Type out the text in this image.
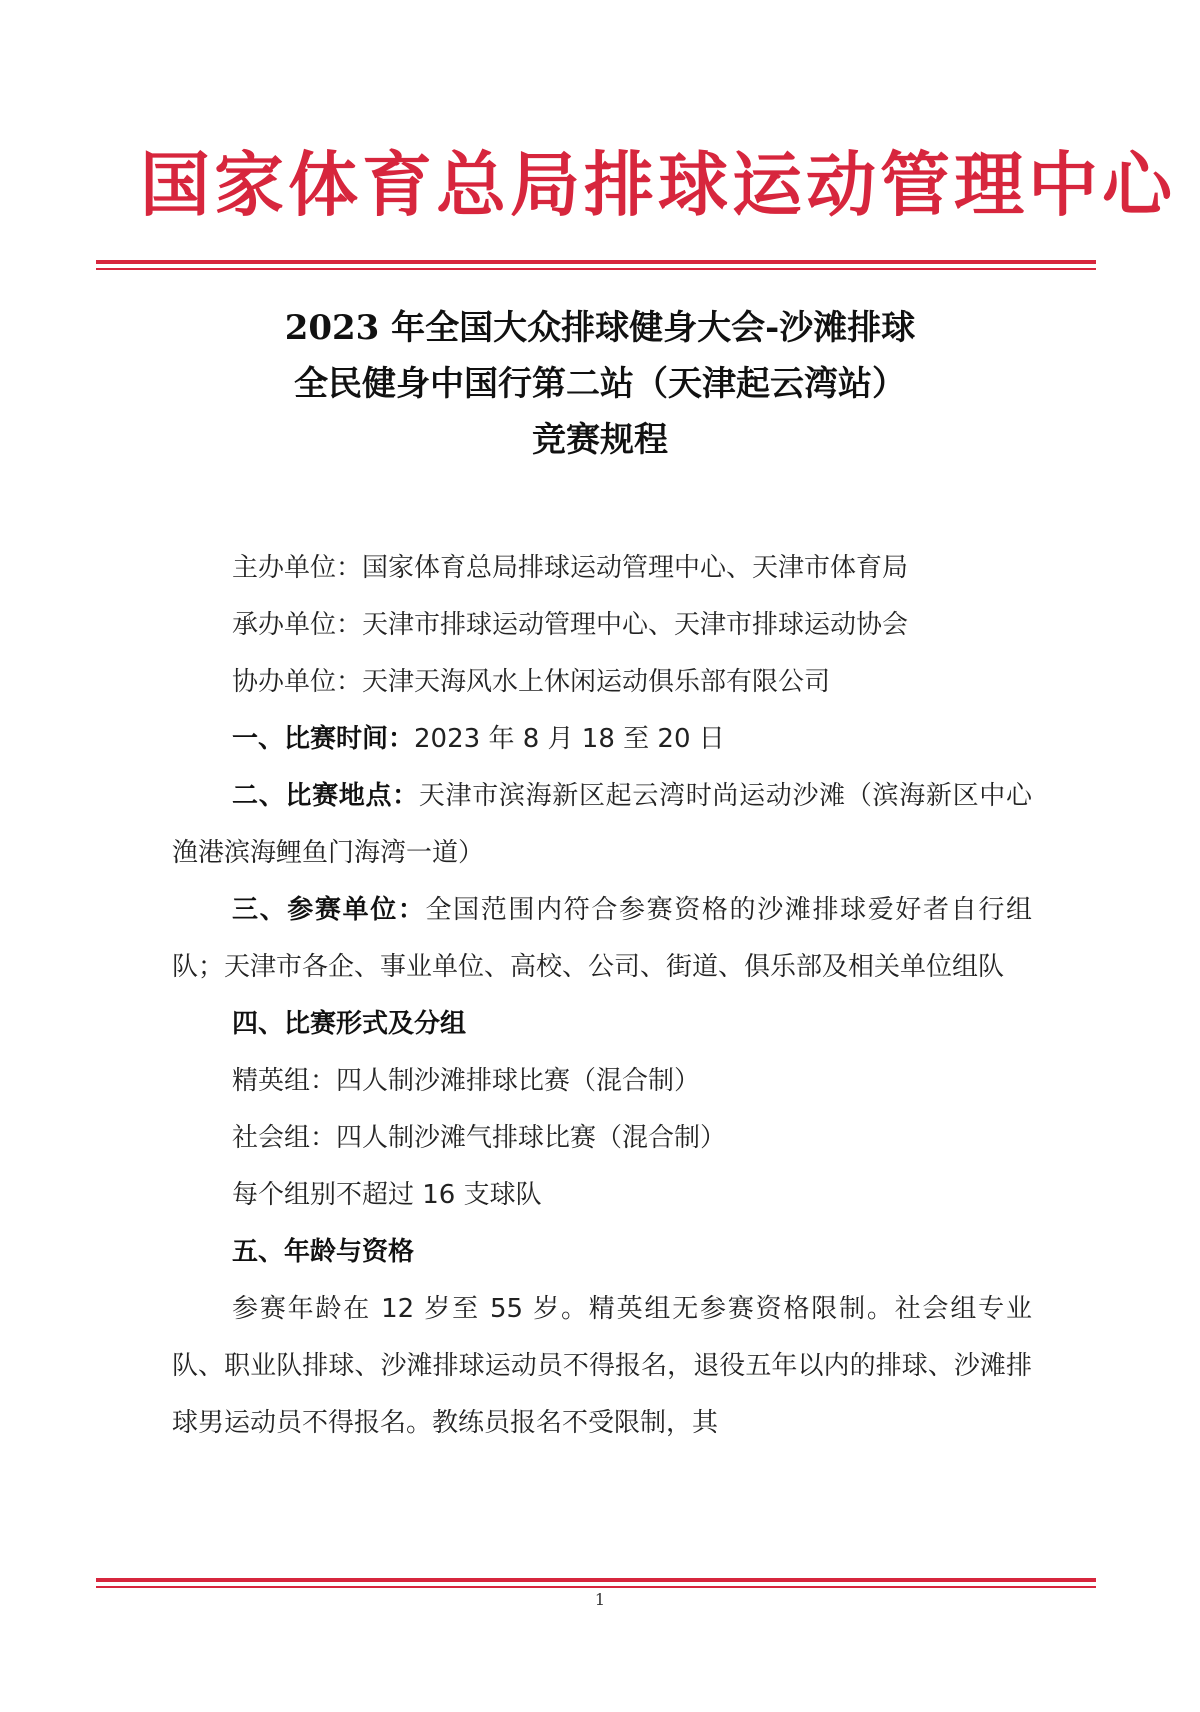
国家体育总局排球运动管理中心
2023 年全国大众排球健身大会-沙滩排球
全民健身中国行第二站（天津起云湾站）
竞赛规程

主办单位：国家体育总局排球运动管理中心、天津市体育局

承办单位：天津市排球运动管理中心、天津市排球运动协会

协办单位：天津天海风水上休闲运动俱乐部有限公司

一、比赛时间：2023 年 8 月 18 至 20 日

二、比赛地点：天津市滨海新区起云湾时尚运动沙滩（滨海新区中心渔港滨海鲤鱼门海湾一道）

三、参赛单位：全国范围内符合参赛资格的沙滩排球爱好者自行组队；天津市各企、事业单位、高校、公司、街道、俱乐部及相关单位组队

四、比赛形式及分组

精英组：四人制沙滩排球比赛（混合制）

社会组：四人制沙滩气排球比赛（混合制）

每个组别不超过 16 支球队

五、年龄与资格

参赛年龄在 12 岁至 55 岁。精英组无参赛资格限制。社会组专业队、职业队排球、沙滩排球运动员不得报名，退役五年以内的排球、沙滩排球男运动员不得报名。教练员报名不受限制，其

1
